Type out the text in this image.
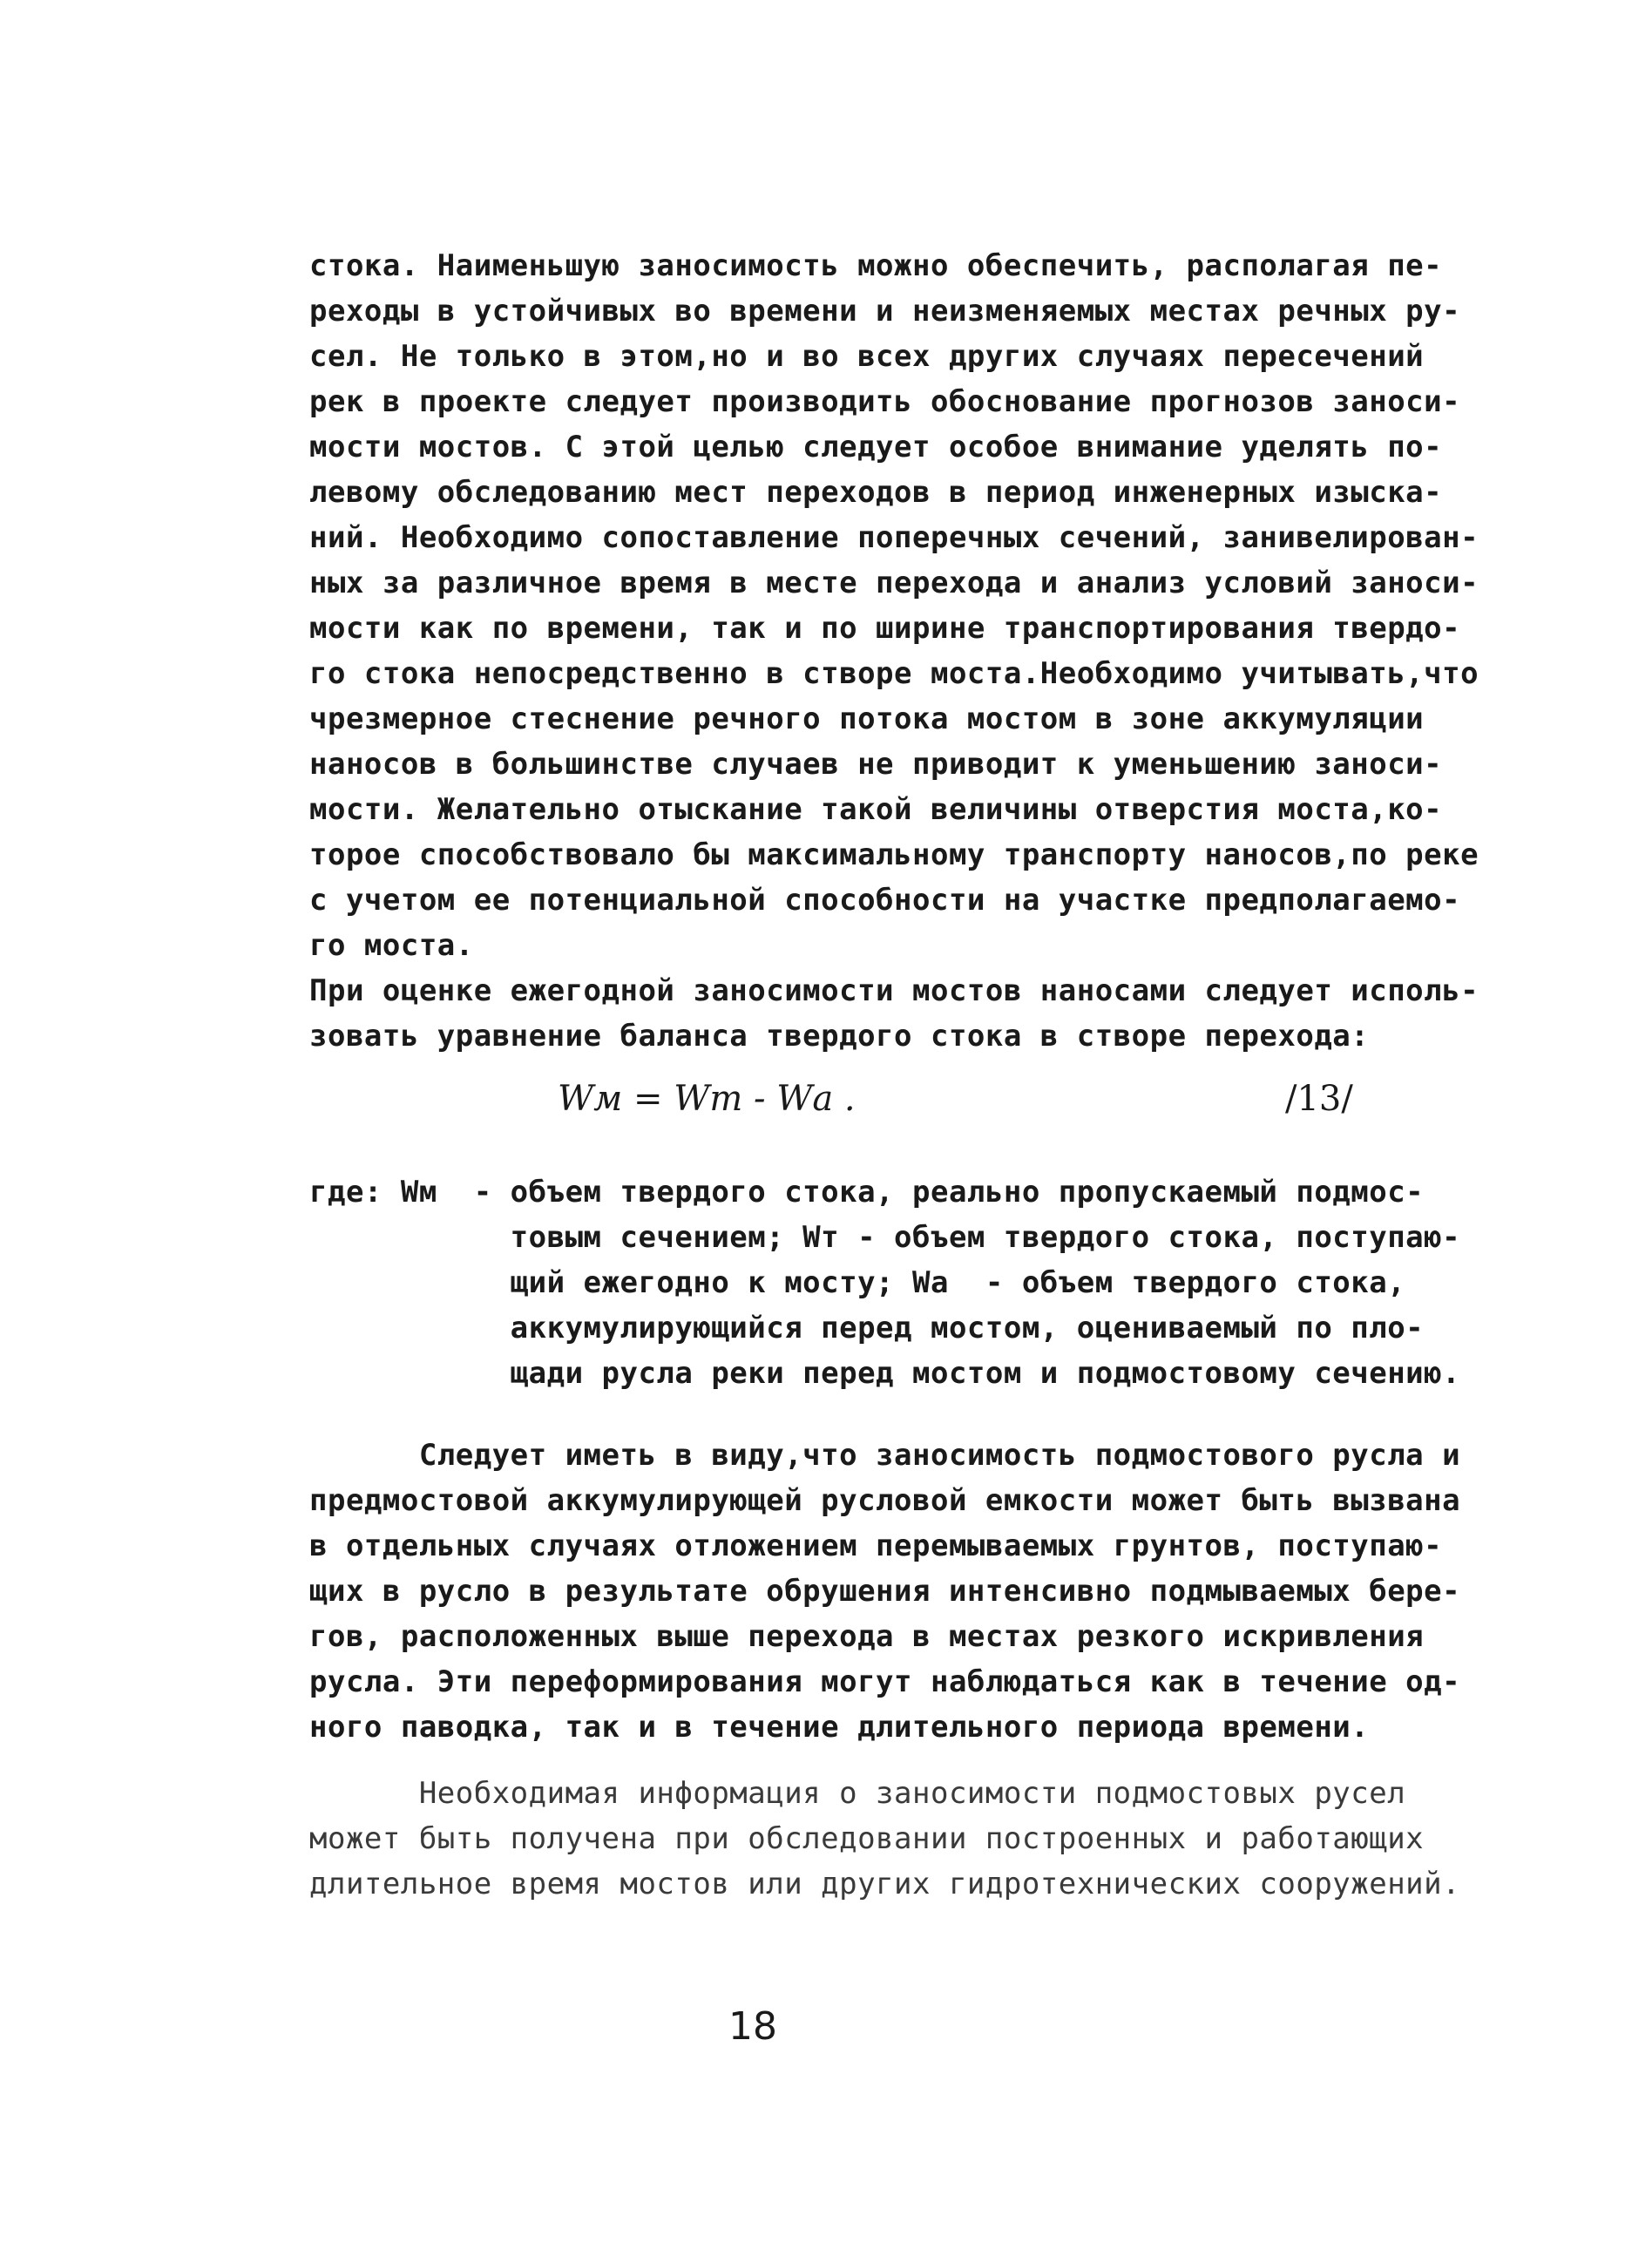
стока. Наименьшую заносимость можно обеспечить, располагая пе-
реходы в устойчивых во времени и неизменяемых местах речных ру-
сел. Не только в этом,но и во всех других случаях пересечений
рек в проекте следует производить обоснование прогнозов заноси-
мости мостов. С этой целью следует особое внимание уделять по-
левому обследованию мест переходов в период инженерных изыска-
ний. Необходимо сопоставление поперечных сечений, занивелирован-
ных за различное время в месте перехода и анализ условий заноси-
мости как по времени, так и по ширине транспортирования твердо-
го стока непосредственно в створе моста.Необходимо учитывать,что
чрезмерное стеснение речного потока мостом в зоне аккумуляции
наносов в большинстве случаев не приводит к уменьшению заноси-
мости. Желательно отыскание такой величины отверстия моста,ко-
торое способствовало бы максимальному транспорту наносов,по реке
с учетом ее потенциальной способности на участке предполагаемо-
го моста.
При оценке ежегодной заносимости мостов наносами следует исполь-
зовать уравнение баланса твердого стока в створе перехода:
Wм = Wт - Wа .	/13/
где: Wм  - объем твердого стока, реально пропускаемый подмос-
товым сечением; Wт - объем твердого стока, поступаю-
щий ежегодно к мосту; Wа  - объем твердого стока,
аккумулирующийся перед мостом, оцениваемый по пло-
щади русла реки перед мостом и подмостовому сечению.
Следует иметь в виду,что заносимость подмостового русла и
предмостовой аккумулирующей русловой емкости может быть вызвана
в отдельных случаях отложением перемываемых грунтов, поступаю-
щих в русло в результате обрушения интенсивно подмываемых бере-
гов, расположенных выше перехода в местах резкого искривления
русла. Эти переформирования могут наблюдаться как в течение од-
ного паводка, так и в течение длительного периода времени.
Необходимая информация о заносимости подмостовых русел
может быть получена при обследовании построенных и работающих
длительное время мостов или других гидротехнических сооружений.
18
